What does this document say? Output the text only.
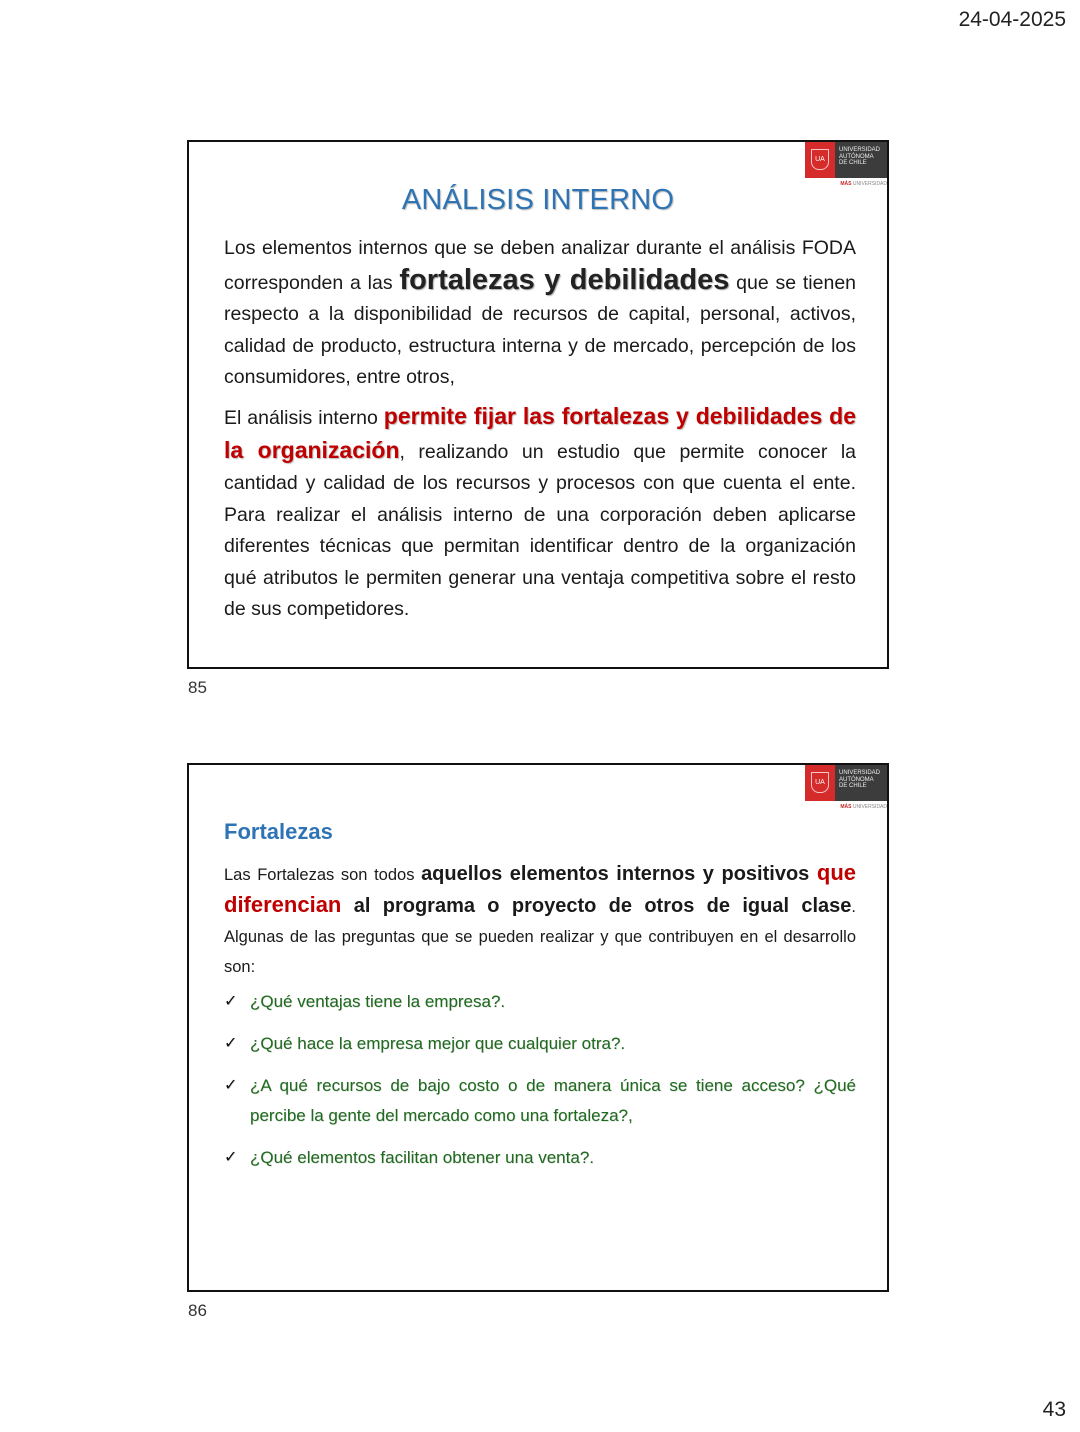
24-04-2025
UA
UNIVERSIDAD
AUTÓNOMA
DE CHILE
MÁS UNIVERSIDAD
ANÁLISIS INTERNO
Los elementos internos que se deben analizar durante el análisis FODA corresponden a las fortalezas y debilidades que se tienen respecto a la disponibilidad de recursos de capital, personal, activos, calidad de producto, estructura interna y de mercado, percepción de los consumidores, entre otros,
El análisis interno permite fijar las fortalezas y debilidades de la organización, realizando un estudio que permite conocer la cantidad y calidad de los recursos y procesos con que cuenta el ente. Para realizar el análisis interno de una corporación deben aplicarse diferentes técnicas que permitan identificar dentro de la organización qué atributos le permiten generar una ventaja competitiva sobre el resto de sus competidores.
85
UA
UNIVERSIDAD
AUTÓNOMA
DE CHILE
MÁS UNIVERSIDAD
Fortalezas
Las Fortalezas son todos aquellos elementos internos y positivos que diferencian al programa o proyecto de otros de igual clase. Algunas de las preguntas que se pueden realizar y que contribuyen en el desarrollo son:
✓ ¿Qué ventajas tiene la empresa?.
✓ ¿Qué hace la empresa mejor que cualquier otra?.
✓ ¿A qué recursos de bajo costo o de manera única se tiene acceso? ¿Qué percibe la gente del mercado como una fortaleza?,
✓ ¿Qué elementos facilitan obtener una venta?.
86
43
